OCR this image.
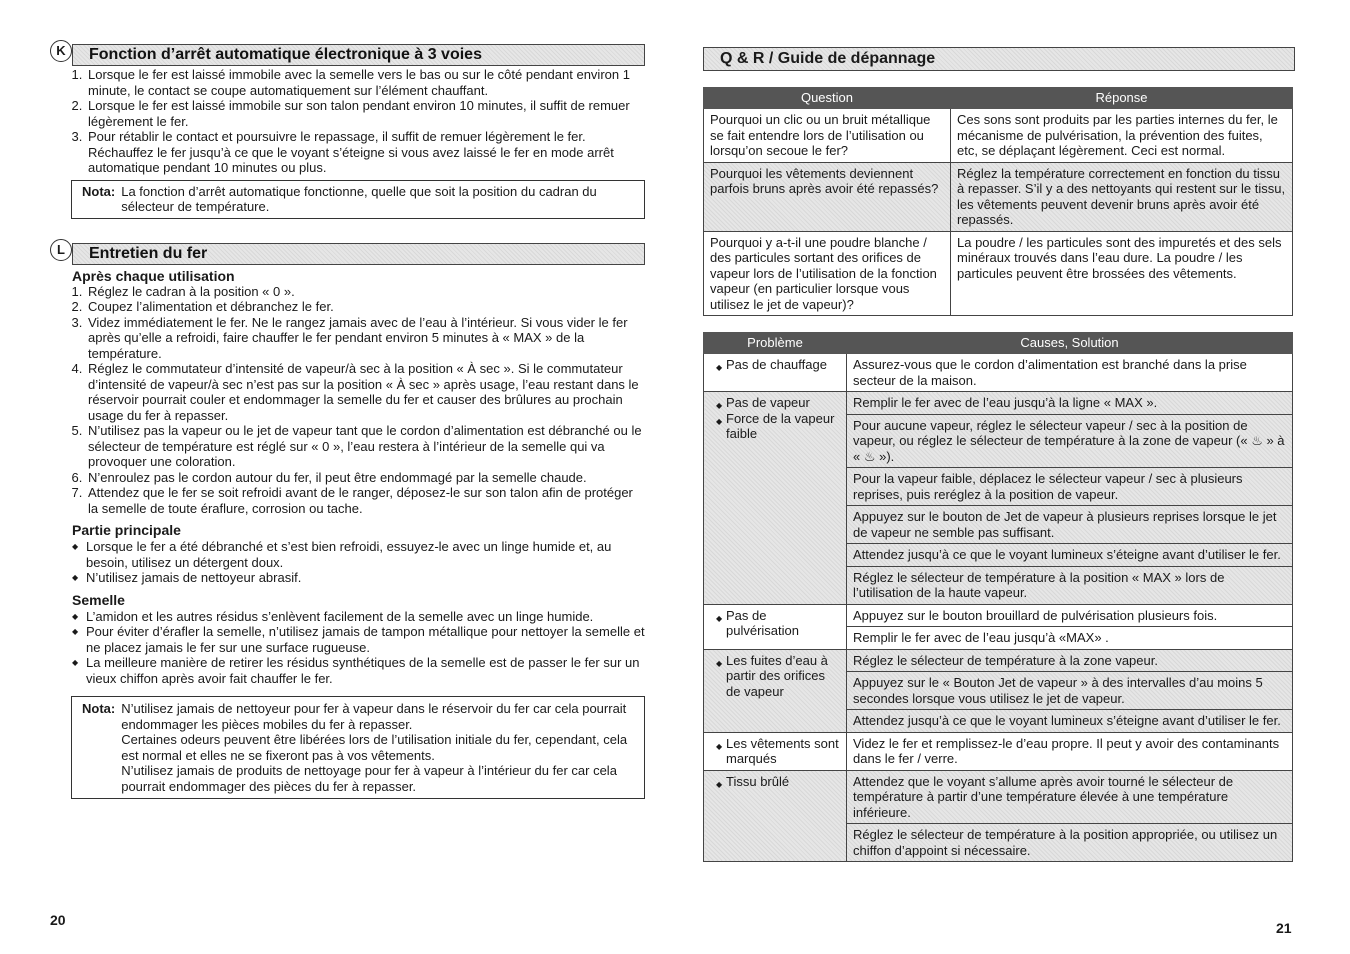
K	Fonction d’arrêt automatique électronique à 3 voies
1. Lorsque le fer est laissé immobile avec la semelle vers le bas ou sur le côté pendant environ 1 minute, le contact se coupe automatiquement sur l’élément chauffant.
2. Lorsque le fer est laissé immobile sur son talon pendant environ 10 minutes, il suffit de remuer légèrement le fer.
3. Pour rétablir le contact et poursuivre le repassage, il suffit de remuer légèrement le fer. Réchauffez le fer jusqu’à ce que le voyant s’éteigne si vous avez laissé le fer en mode arrêt automatique pendant 10 minutes ou plus.
Nota: La fonction d’arrêt automatique fonctionne, quelle que soit la position du cadran du sélecteur de température.
L	Entretien du fer
Après chaque utilisation
1. Réglez le cadran à la position « 0 ».
2. Coupez l’alimentation et débranchez le fer.
3. Videz immédiatement le fer. Ne le rangez jamais avec de l’eau à l’intérieur. Si vous vider le fer après qu’elle a refroidi, faire chauffer le fer pendant environ 5 minutes à « MAX » de la température.
4. Réglez le commutateur d’intensité de vapeur/à sec à la position « À sec ». Si le commutateur d’intensité de vapeur/à sec n’est pas sur la position « À sec » après usage, l’eau restant dans le réservoir pourrait couler et endommager la semelle du fer et causer des brûlures au prochain usage du fer à repasser.
5. N’utilisez pas la vapeur ou le jet de vapeur tant que le cordon d’alimentation est débranché ou le sélecteur de température est réglé sur « 0 », l’eau restera à l’intérieur de la semelle qui va provoquer une coloration.
6. N’enroulez pas le cordon autour du fer, il peut être endommagé par la semelle chaude.
7. Attendez que le fer se soit refroidi avant de le ranger, déposez-le sur son talon afin de protéger la semelle de toute éraflure, corrosion ou tache.
Partie principale
◆ Lorsque le fer a été débranché et s’est bien refroidi, essuyez-le avec un linge humide et, au besoin, utilisez un détergent doux.
◆ N’utilisez jamais de nettoyeur abrasif.
Semelle
◆ L’amidon et les autres résidus s’enlèvent facilement de la semelle avec un linge humide.
◆ Pour éviter d’érafler la semelle, n’utilisez jamais de tampon métallique pour nettoyer la semelle et ne placez jamais le fer sur une surface rugueuse.
◆ La meilleure manière de retirer les résidus synthétiques de la semelle est de passer le fer sur un vieux chiffon après avoir fait chauffer le fer.
Nota: N’utilisez jamais de nettoyeur pour fer à vapeur dans le réservoir du fer car cela pourrait endommager les pièces mobiles du fer à repasser.
Certaines odeurs peuvent être libérées lors de l’utilisation initiale du fer, cependant, cela est normal et elles ne se fixeront pas à vos vêtements.
N’utilisez jamais de produits de nettoyage pour fer à vapeur à l’intérieur du fer car cela pourrait endommager des pièces du fer à repasser.
20
Q & R / Guide de dépannage
Question	Réponse
Pourquoi un clic ou un bruit métallique se fait entendre lors de l’utilisation ou lorsqu’on secoue le fer?	Ces sons sont produits par les parties internes du fer, le mécanisme de pulvérisation, la prévention des fuites, etc, se déplaçant légèrement. Ceci est normal.
Pourquoi les vêtements deviennent parfois bruns après avoir été repassés?	Réglez la température correctement en fonction du tissu à repasser. S’il y a des nettoyants qui restent sur le tissu, les vêtements peuvent devenir bruns après avoir été repassés.
Pourquoi y a-t-il une poudre blanche / des particules sortant des orifices de vapeur lors de l’utilisation de la fonction vapeur (en particulier lorsque vous utilisez le jet de vapeur)?	La poudre / les particules sont des impuretés et des sels minéraux trouvés dans l’eau dure. La poudre / les particules peuvent être brossées des vêtements.
Problème	Causes, Solution

◆ Pas de chauffage	Assurez-vous que le cordon d’alimentation est branché dans la prise secteur de la maison.

◆ Pas de vapeur
◆ Force de la vapeur faible	Remplir le fer avec de l’eau jusqu’à la ligne « MAX ».
	Pour aucune vapeur, réglez le sélecteur vapeur / sec à la position de vapeur, ou réglez le sélecteur de température à la zone de vapeur (« ♨ » à « ♨ »).
	Pour la vapeur faible, déplacez le sélecteur vapeur / sec à plusieurs reprises, puis reréglez à la position de vapeur.
	Appuyez sur le bouton de Jet de vapeur à plusieurs reprises lorsque le jet de vapeur ne semble pas suffisant.
	Attendez jusqu’à ce que le voyant lumineux s’éteigne avant d’utiliser le fer.
	Réglez le sélecteur de température à la position « MAX » lors de l’utilisation de la haute vapeur.

◆ Pas de pulvérisation	Appuyez sur le bouton brouillard de pulvérisation plusieurs fois.
	Remplir le fer avec de l’eau jusqu’à «MAX» .

◆ Les fuites d’eau à partir des orifices de vapeur	Réglez le sélecteur de température à la zone vapeur.
	Appuyez sur le « Bouton Jet de vapeur » à des intervalles d’au moins 5 secondes lorsque vous utilisez le jet de vapeur.
	Attendez jusqu’à ce que le voyant lumineux s’éteigne avant d’utiliser le fer.

◆ Les vêtements sont marqués	Videz le fer et remplissez-le d’eau propre. Il peut y avoir des contaminants dans le fer / verre.

◆ Tissu brûlé	Attendez que le voyant s’allume après avoir tourné le sélecteur de température à partir d’une température élevée à une température inférieure.
	Réglez le sélecteur de température à la position appropriée, ou utilisez un chiffon d’appoint si nécessaire.
21
